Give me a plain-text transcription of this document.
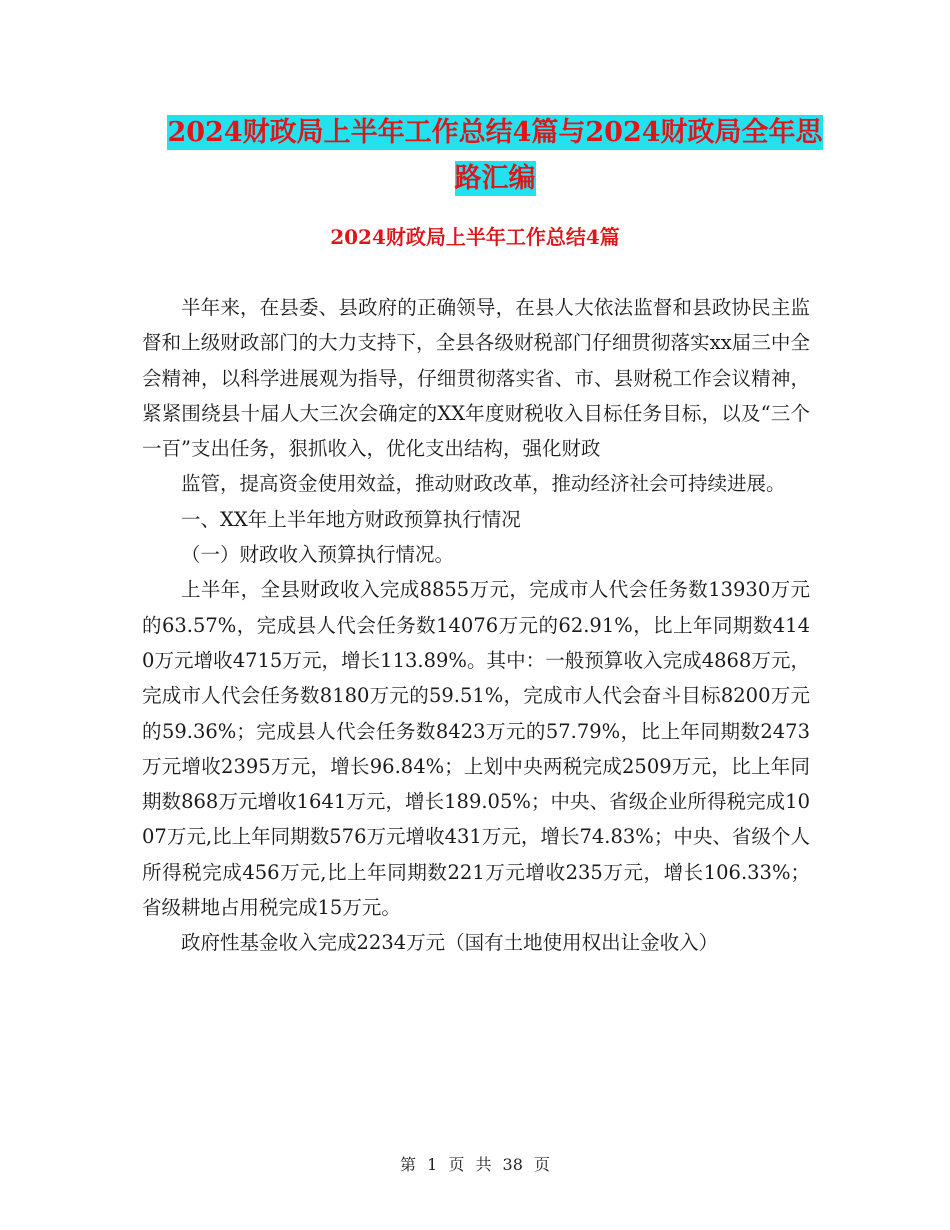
2024财政局上半年工作总结4篇与2024财政局全年思
路汇编
2024财政局上半年工作总结4篇

半年来，在县委、县政府的正确领导，在县人大依法监督和县政协民主监督和上级财政部门的大力支持下，全县各级财税部门仔细贯彻落实xx届三中全会精神，以科学进展观为指导，仔细贯彻落实省、市、县财税工作会议精神，紧紧围绕县十届人大三次会确定的XX年度财税收入目标任务目标，以及“三个一百”支出任务，狠抓收入，优化支出结构，强化财政

监管，提高资金使用效益，推动财政改革，推动经济社会可持续进展。

一、XX年上半年地方财政预算执行情况

（一）财政收入预算执行情况。

上半年，全县财政收入完成8855万元，完成市人代会任务数13930万元的63.57%，完成县人代会任务数14076万元的62.91%，比上年同期数4140万元增收4715万元，增长113.89%。其中：一般预算收入完成4868万元，完成市人代会任务数8180万元的59.51%，完成市人代会奋斗目标8200万元的59.36%；完成县人代会任务数8423万元的57.79%，比上年同期数2473万元增收2395万元，增长96.84%；上划中央两税完成2509万元，比上年同期数868万元增收1641万元，增长189.05%；中央、省级企业所得税完成1007万元,比上年同期数576万元增收431万元，增长74.83%；中央、省级个人所得税完成456万元,比上年同期数221万元增收235万元，增长106.33%；省级耕地占用税完成15万元。

政府性基金收入完成2234万元（国有土地使用权出让金收入）

第 1 页 共 38 页
